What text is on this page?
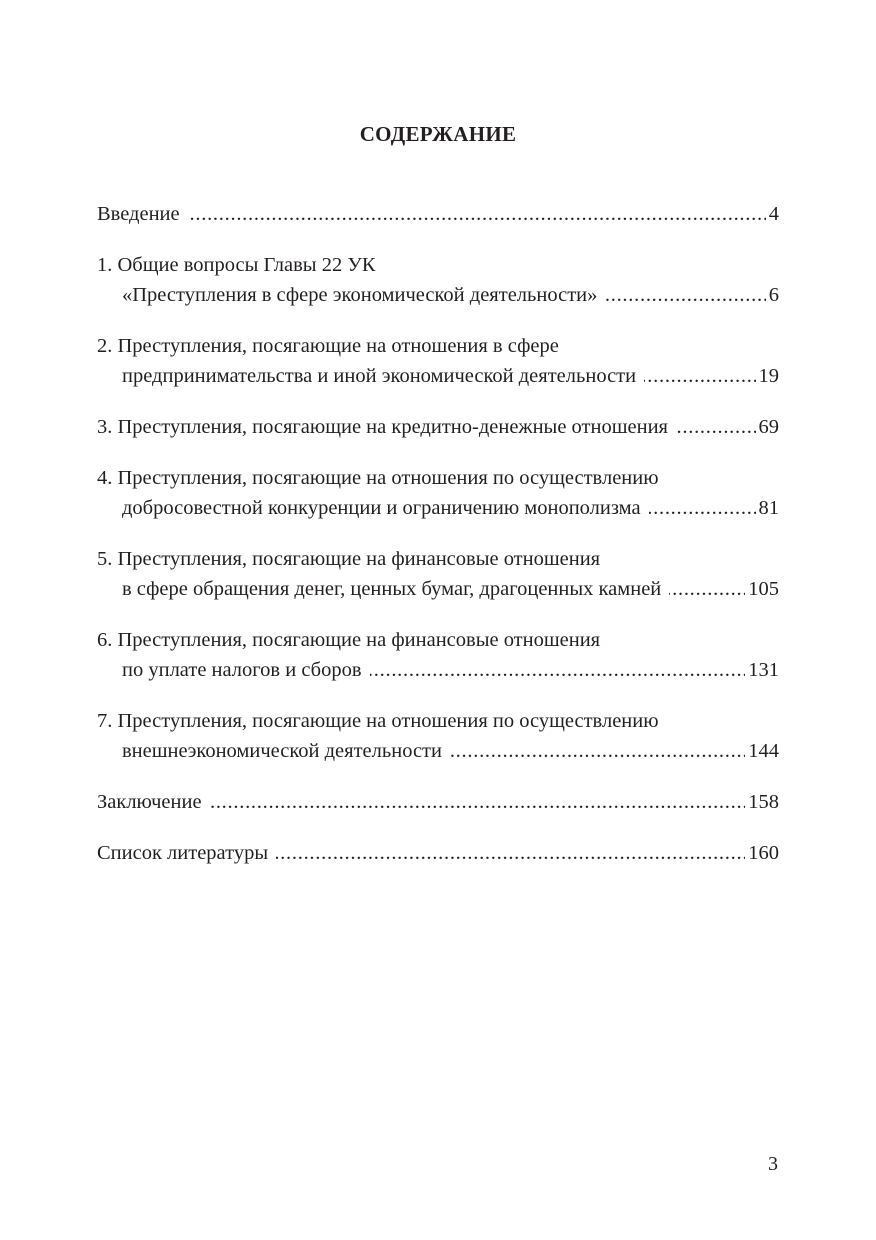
СОДЕРЖАНИЕ
Введение . . .	4
1. Общие вопросы Главы 22 УК
«Преступления в сфере экономической деятельности» . . .	6
2. Преступления, посягающие на отношения в сфере
предпринимательства и иной экономической деятельности . . .	19
3. Преступления, посягающие на кредитно-денежные отношения . . .	69
4. Преступления, посягающие на отношения по осуществлению
добросовестной конкуренции и ограничению монополизма . . .	81
5. Преступления, посягающие на финансовые отношения
в сфере обращения денег, ценных бумаг, драгоценных камней . . .	105
6. Преступления, посягающие на финансовые отношения
по уплате налогов и сборов . . .	131
7. Преступления, посягающие на отношения по осуществлению
внешнеэкономической деятельности . . .	144
Заключение . . .	158
Список литературы . . .	160
3
